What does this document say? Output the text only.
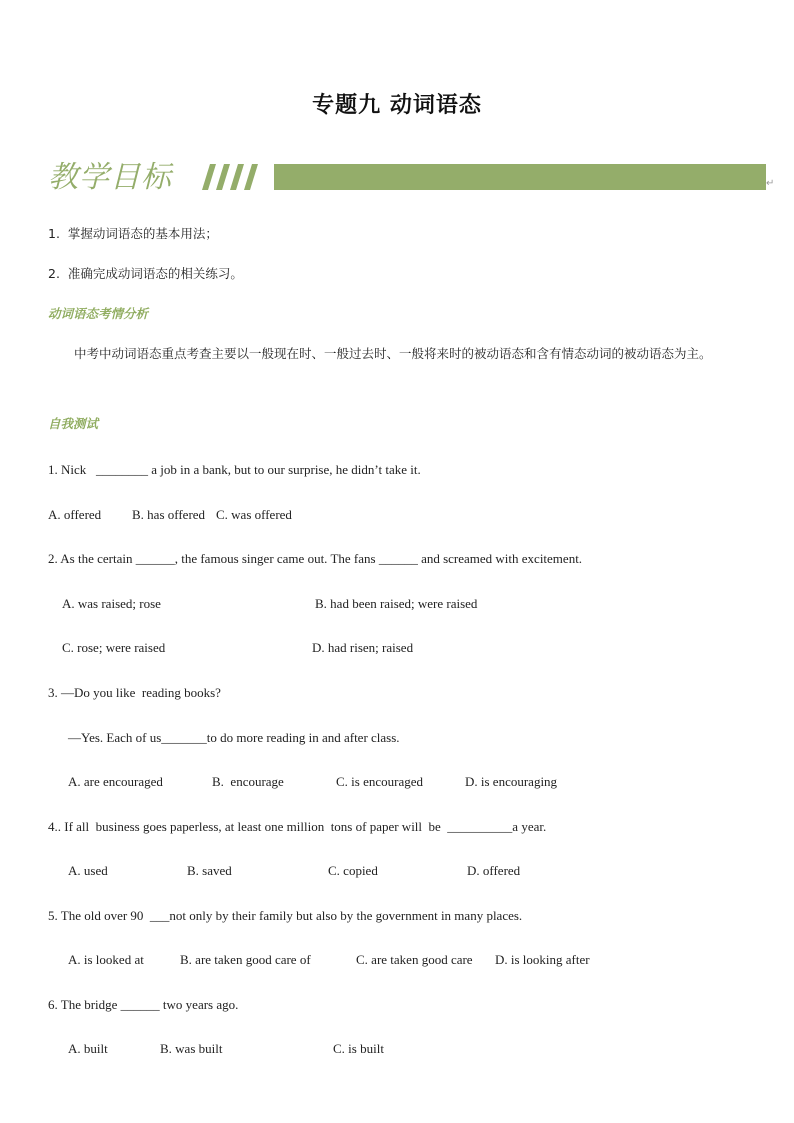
专题九 动词语态
教学目标	↵
1.  掌握动词语态的基本用法；
2.  准确完成动词语态的相关练习。
动词语态考情分析
中考中动词语态重点考查主要以一般现在时、一般过去时、一般将来时的被动语态和含有情态动词的被动语态为主。
自我测试
1. Nick   ________ a job in a bank, but to our surprise, he didn’t take it.
A. offered B. has offered C. was offered
2. As the certain ______, the famous singer came out. The fans ______ and screamed with excitement.
A. was raised; rose	B. had been raised; were raised
C. rose; were raised	D. had risen; raised
3. —Do you like  reading books?
—Yes. Each of us_______to do more reading in and after class.
A. are encouraged	B.  encourage	C. is encouraged	D. is encouraging
4.. If all  business goes paperless, at least one million  tons of paper will  be  __________a year.
A. used	B. saved	C. copied	D. offered
5. The old over 90  ___not only by their family but also by the government in many places.
A. is looked at	B. are taken good care of	C. are taken good care D. is looking after
6. The bridge ______ two years ago.
A. built	B. was built	C. is built
